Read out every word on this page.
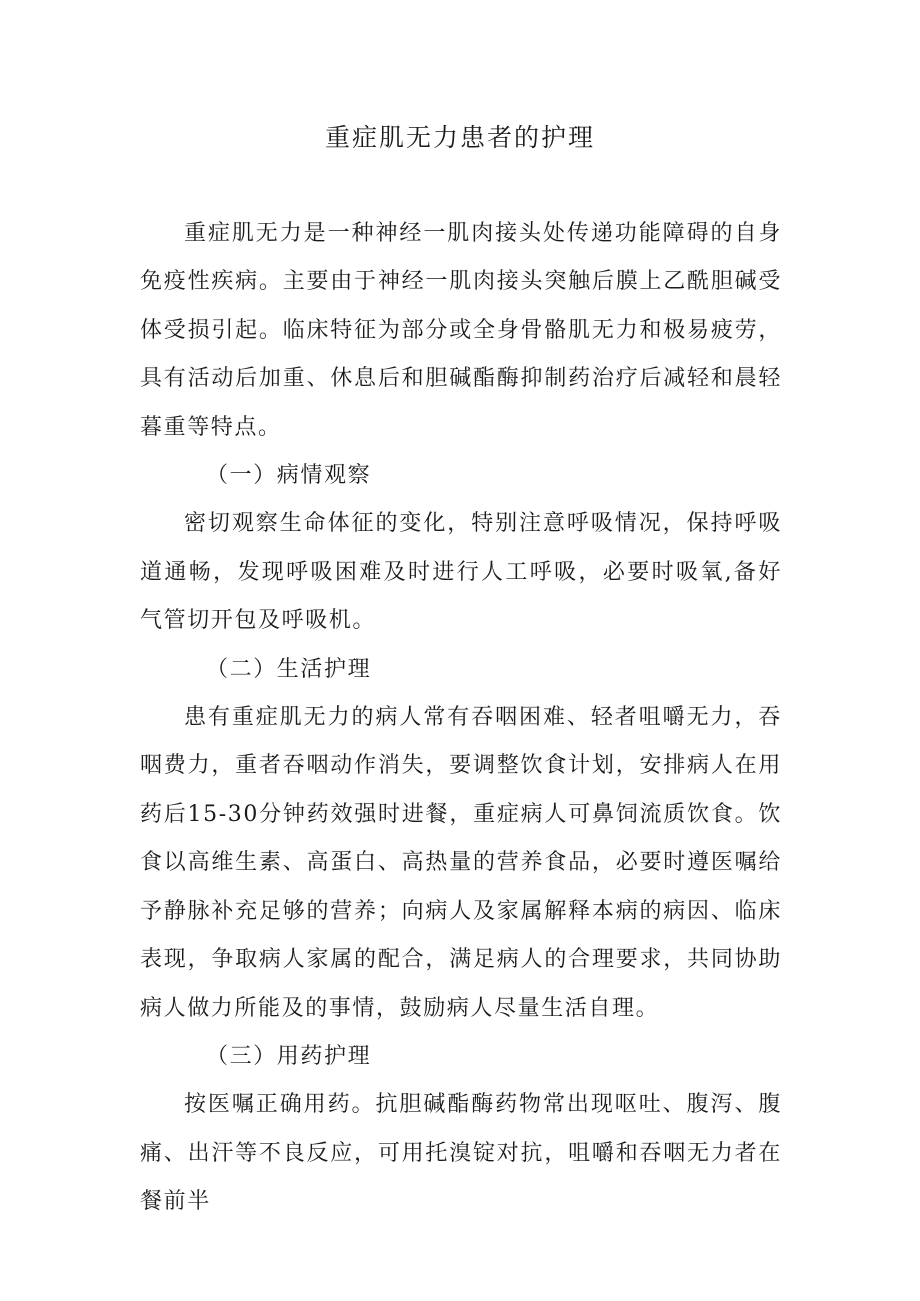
重症肌无力患者的护理

重症肌无力是一种神经一肌肉接头处传递功能障碍的自身免疫性疾病。主要由于神经一肌肉接头突触后膜上乙酰胆碱受体受损引起。临床特征为部分或全身骨骼肌无力和极易疲劳，具有活动后加重、休息后和胆碱酯酶抑制药治疗后减轻和晨轻暮重等特点。

（一）病情观察

密切观察生命体征的变化，特别注意呼吸情况，保持呼吸道通畅，发现呼吸困难及时进行人工呼吸，必要时吸氧,备好气管切开包及呼吸机。

（二）生活护理

患有重症肌无力的病人常有吞咽困难、轻者咀嚼无力，吞咽费力，重者吞咽动作消失，要调整饮食计划，安排病人在用药后15-30分钟药效强时进餐，重症病人可鼻饲流质饮食。饮食以高维生素、高蛋白、高热量的营养食品，必要时遵医嘱给予静脉补充足够的营养；向病人及家属解释本病的病因、临床表现，争取病人家属的配合，满足病人的合理要求，共同协助病人做力所能及的事情，鼓励病人尽量生活自理。

（三）用药护理

按医嘱正确用药。抗胆碱酯酶药物常出现呕吐、腹泻、腹痛、出汗等不良反应，可用托溴锭对抗，咀嚼和吞咽无力者在餐前半
